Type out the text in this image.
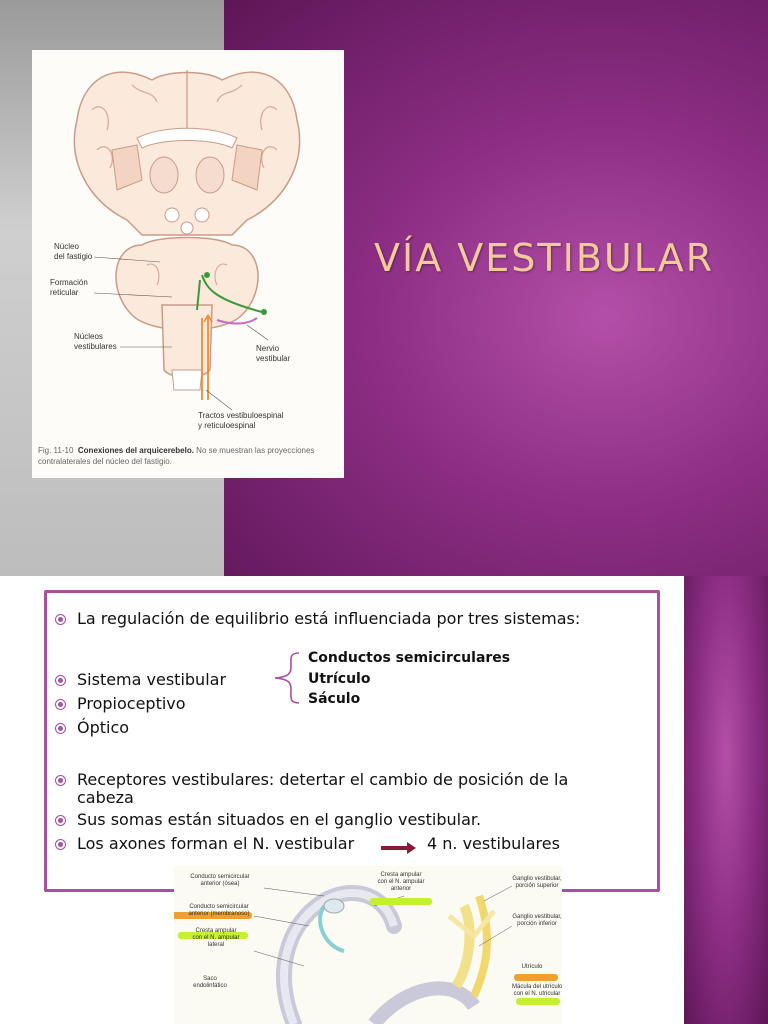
Núcleo
del fastigio
Formación
reticular
Núcleos
vestibulares	Nervio
vestibular
Tractos vestibuloespinal
y reticuloespinal
Fig. 11-10 Conexiones del arquicerebelo. No se muestran las proyecciones contralaterales del núcleo del fastigio.
VÍA VESTIBULAR
La regulación de equilibrio está influenciada por tres sistemas:
Sistema vestibular
Propioceptivo
Óptico
Conductos semicirculares
Utrículo
Sáculo
Receptores vestibulares: detertar el cambio de posición de la
cabeza
Sus somas están situados en el ganglio vestibular.
Los axones forman el N. vestibular	4 n. vestibulares
Conducto semicircular
anterior (ósea)
Conducto semicircular
anterior (membranoso)
Cresta ampular
con el N. ampular
lateral
Saco
endolinfático
Cresta ampular
con el N. ampular
anterior
Ganglio vestibular,
porción superior
Ganglio vestibular,
porción inferior
Utrículo
Mácula del utrículo
con el N. utricular
